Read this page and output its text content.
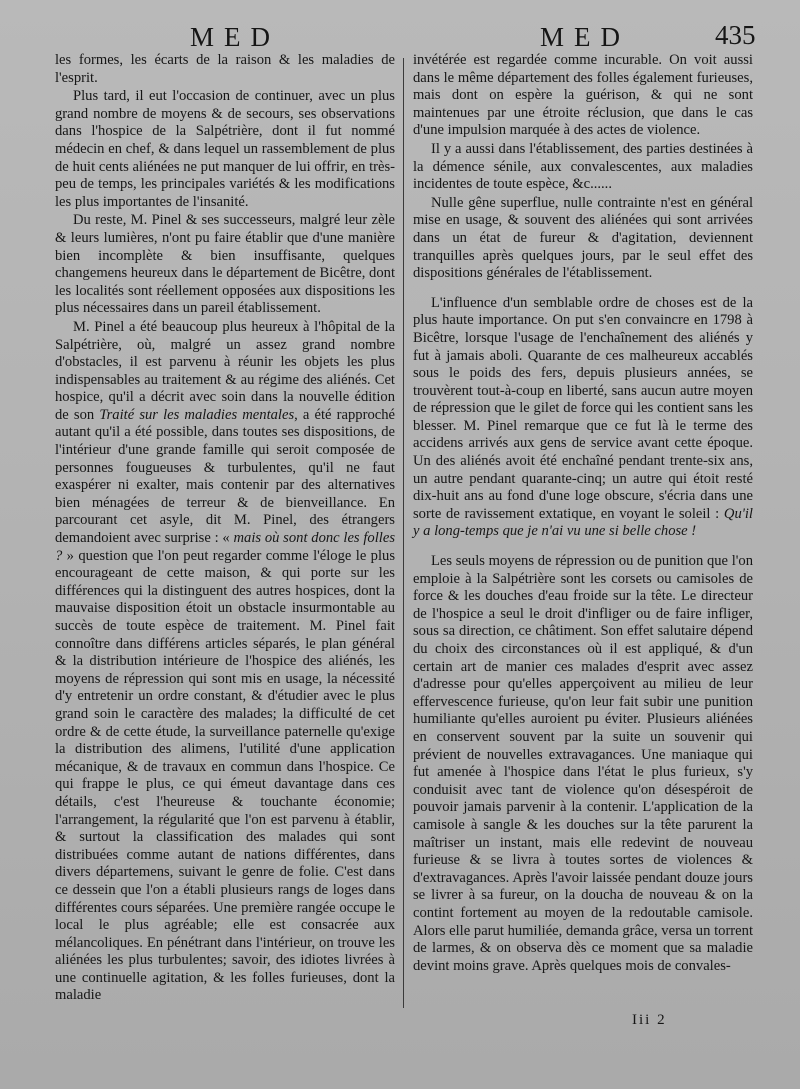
MED	MED	435

les formes, les écarts de la raison & les maladies de l'esprit.

Plus tard, il eut l'occasion de continuer, avec un plus grand nombre de moyens & de secours, ses observations dans l'hospice de la Salpétrière, dont il fut nommé médecin en chef, & dans lequel un rassemblement de plus de huit cents aliénées ne put manquer de lui offrir, en très-peu de temps, les principales variétés & les modifications les plus importantes de l'insanité.

Du reste, M. Pinel & ses successeurs, malgré leur zèle & leurs lumières, n'ont pu faire établir que d'une manière bien incomplète & bien insuffisante, quelques changemens heureux dans le département de Bicêtre, dont les localités sont réellement opposées aux dispositions les plus nécessaires dans un pareil établissement.

M. Pinel a été beaucoup plus heureux à l'hôpital de la Salpétrière, où, malgré un assez grand nombre d'obstacles, il est parvenu à réunir les objets les plus indispensables au traitement & au régime des aliénés. Cet hospice, qu'il a décrit avec soin dans la nouvelle édition de son Traité sur les maladies mentales, a été rapproché autant qu'il a été possible, dans toutes ses dispositions, de l'intérieur d'une grande famille qui seroit composée de personnes fougueuses & turbulentes, qu'il ne faut exaspérer ni exalter, mais contenir par des alternatives bien ménagées de terreur & de bienveillance. En parcourant cet asyle, dit M. Pinel, des étrangers demandoient avec surprise : « mais où sont donc les folles ? » question que l'on peut regarder comme l'éloge le plus encourageant de cette maison, & qui porte sur les différences qui la distinguent des autres hospices, dont la mauvaise disposition étoit un obstacle insurmontable au succès de toute espèce de traitement. M. Pinel fait connoître dans différens articles séparés, le plan général & la distribution intérieure de l'hospice des aliénés, les moyens de répression qui sont mis en usage, la nécessité d'y entretenir un ordre constant, & d'étudier avec le plus grand soin le caractère des malades; la difficulté de cet ordre & de cette étude, la surveillance paternelle qu'exige la distribution des alimens, l'utilité d'une application mécanique, & de travaux en commun dans l'hospice. Ce qui frappe le plus, ce qui émeut davantage dans ces détails, c'est l'heureuse & touchante économie; l'arrangement, la régularité que l'on est parvenu à établir, & surtout la classification des malades qui sont distribuées comme autant de nations différentes, dans divers départemens, suivant le genre de folie. C'est dans ce dessein que l'on a établi plusieurs rangs de loges dans différentes cours séparées. Une première rangée occupe le local le plus agréable; elle est consacrée aux mélancoliques. En pénétrant dans l'intérieur, on trouve les aliénées les plus turbulentes; savoir, des idiotes livrées à une continuelle agitation, & les folles furieuses, dont la maladie

invétérée est regardée comme incurable. On voit aussi dans le même département des folles également furieuses, mais dont on espère la guérison, & qui ne sont maintenues par une étroite réclusion, que dans le cas d'une impulsion marquée à des actes de violence.

Il y a aussi dans l'établissement, des parties destinées à la démence sénile, aux convalescentes, aux maladies incidentes de toute espèce, &c......

Nulle gêne superflue, nulle contrainte n'est en général mise en usage, & souvent des aliénées qui sont arrivées dans un état de fureur & d'agitation, deviennent tranquilles après quelques jours, par le seul effet des dispositions générales de l'établissement.

L'influence d'un semblable ordre de choses est de la plus haute importance. On put s'en convaincre en 1798 à Bicêtre, lorsque l'usage de l'enchaînement des aliénés y fut à jamais aboli. Quarante de ces malheureux accablés sous le poids des fers, depuis plusieurs années, se trouvèrent tout-à-coup en liberté, sans aucun autre moyen de répression que le gilet de force qui les contient sans les blesser. M. Pinel remarque que ce fut là le terme des accidens arrivés aux gens de service avant cette époque. Un des aliénés avoit été enchaîné pendant trente-six ans, un autre pendant quarante-cinq; un autre qui étoit resté dix-huit ans au fond d'une loge obscure, s'écria dans une sorte de ravissement extatique, en voyant le soleil : Qu'il y a long-temps que je n'ai vu une si belle chose !

Les seuls moyens de répression ou de punition que l'on emploie à la Salpétrière sont les corsets ou camisoles de force & les douches d'eau froide sur la tête. Le directeur de l'hospice a seul le droit d'infliger ou de faire infliger, sous sa direction, ce châtiment. Son effet salutaire dépend du choix des circonstances où il est appliqué, & d'un certain art de manier ces malades d'esprit avec assez d'adresse pour qu'elles apperçoivent au milieu de leur effervescence furieuse, qu'on leur fait subir une punition humiliante qu'elles auroient pu éviter. Plusieurs aliénées en conservent souvent par la suite un souvenir qui prévient de nouvelles extravagances. Une maniaque qui fut amenée à l'hospice dans l'état le plus furieux, s'y conduisit avec tant de violence qu'on désespéroit de pouvoir jamais parvenir à la contenir. L'application de la camisole à sangle & les douches sur la tête parurent la maîtriser un instant, mais elle redevint de nouveau furieuse & se livra à toutes sortes de violences & d'extravagances. Après l'avoir laissée pendant douze jours se livrer à sa fureur, on la doucha de nouveau & on la contint fortement au moyen de la redoutable camisole. Alors elle parut humiliée, demanda grâce, versa un torrent de larmes, & on observa dès ce moment que sa maladie devint moins grave. Après quelques mois de convales-

Iii 2
